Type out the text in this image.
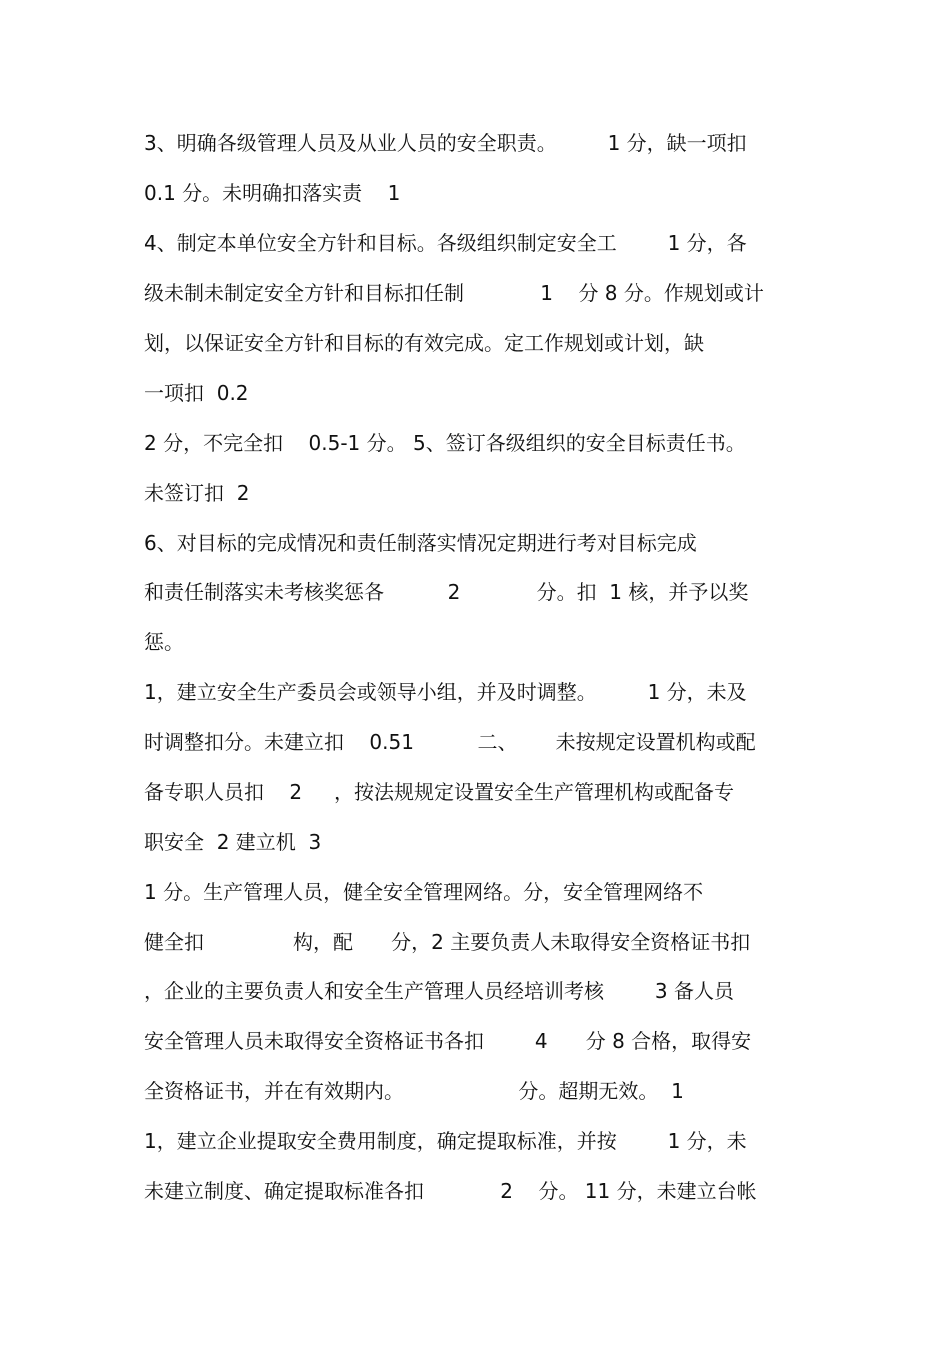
3、明确各级管理人员及从业人员的安全职责。        1 分，缺一项扣
0.1 分。未明确扣落实责    1
4、制定本单位安全方针和目标。各级组织制定安全工        1 分，各
级未制未制定安全方针和目标扣任制            1    分 8 分。作规划或计
划，以保证安全方针和目标的有效完成。定工作规划或计划，缺
一项扣  0.2
2 分，不完全扣    0.5-1 分。 5、签订各级组织的安全目标责任书。
未签订扣  2
6、对目标的完成情况和责任制落实情况定期进行考对目标完成
和责任制落实未考核奖惩各          2            分。扣  1 核，并予以奖
惩。
1，建立安全生产委员会或领导小组，并及时调整。        1 分，未及
时调整扣分。未建立扣    0.51          二、      未按规定设置机构或配
备专职人员扣    2     ，按法规规定设置安全生产管理机构或配备专
职安全  2 建立机  3
1 分。生产管理人员，健全安全管理网络。分，安全管理网络不
健全扣              构，配      分，2 主要负责人未取得安全资格证书扣
，企业的主要负责人和安全生产管理人员经培训考核        3 备人员
安全管理人员未取得安全资格证书各扣        4      分 8 合格，取得安
全资格证书，并在有效期内。                  分。超期无效。  1
1，建立企业提取安全费用制度，确定提取标准，并按        1 分，未
未建立制度、确定提取标准各扣            2    分。 11 分，未建立台帐
